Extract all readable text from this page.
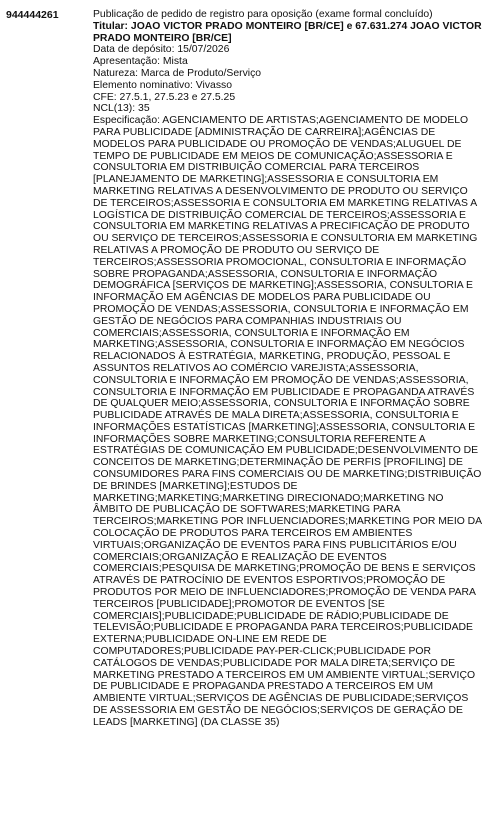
944444261	Publicação de pedido de registro para oposição (exame formal concluído)
Titular: JOAO VICTOR PRADO MONTEIRO [BR/CE] e 67.631.274 JOAO VICTOR PRADO MONTEIRO [BR/CE]
Data de depósito: 15/07/2026
Apresentação: Mista
Natureza: Marca de Produto/Serviço
Elemento nominativo: Vivasso
CFE: 27.5.1, 27.5.23 e 27.5.25
NCL(13): 35
Especificação: AGENCIAMENTO DE ARTISTAS;AGENCIAMENTO DE MODELO PARA PUBLICIDADE [ADMINISTRAÇÃO DE CARREIRA];AGÊNCIAS DE MODELOS PARA PUBLICIDADE OU PROMOÇÃO DE VENDAS;ALUGUEL DE TEMPO DE PUBLICIDADE EM MEIOS DE COMUNICAÇÃO;ASSESSORIA E CONSULTORIA EM DISTRIBUIÇÃO COMERCIAL PARA TERCEIROS [PLANEJAMENTO DE MARKETING];ASSESSORIA E CONSULTORIA EM MARKETING RELATIVAS A DESENVOLVIMENTO DE PRODUTO OU SERVIÇO DE TERCEIROS;ASSESSORIA E CONSULTORIA EM MARKETING RELATIVAS A LOGÍSTICA DE DISTRIBUIÇÃO COMERCIAL DE TERCEIROS;ASSESSORIA E CONSULTORIA EM MARKETING RELATIVAS A PRECIFICAÇÃO DE PRODUTO OU SERVIÇO DE TERCEIROS;ASSESSORIA E CONSULTORIA EM MARKETING RELATIVAS A PROMOÇÃO DE PRODUTO OU SERVIÇO DE TERCEIROS;ASSESSORIA PROMOCIONAL, CONSULTORIA E INFORMAÇÃO SOBRE PROPAGANDA;ASSESSORIA, CONSULTORIA E INFORMAÇÃO DEMOGRÁFICA [SERVIÇOS DE MARKETING];ASSESSORIA, CONSULTORIA E INFORMAÇÃO EM AGÊNCIAS DE MODELOS PARA PUBLICIDADE OU PROMOÇÃO DE VENDAS;ASSESSORIA, CONSULTORIA E INFORMAÇÃO EM GESTÃO DE NEGÓCIOS PARA COMPANHIAS INDUSTRIAIS OU COMERCIAIS;ASSESSORIA, CONSULTORIA E INFORMAÇÃO EM MARKETING;ASSESSORIA, CONSULTORIA E INFORMAÇÃO EM NEGÓCIOS RELACIONADOS À ESTRATÉGIA, MARKETING, PRODUÇÃO, PESSOAL E ASSUNTOS RELATIVOS AO COMÉRCIO VAREJISTA;ASSESSORIA, CONSULTORIA E INFORMAÇÃO EM PROMOÇÃO DE VENDAS;ASSESSORIA, CONSULTORIA E INFORMAÇÃO EM PUBLICIDADE E PROPAGANDA ATRAVÉS DE QUALQUER MEIO;ASSESSORIA, CONSULTORIA E INFORMAÇÃO SOBRE PUBLICIDADE ATRAVÉS DE MALA DIRETA;ASSESSORIA, CONSULTORIA E INFORMAÇÕES ESTATÍSTICAS [MARKETING];ASSESSORIA, CONSULTORIA E INFORMAÇÕES SOBRE MARKETING;CONSULTORIA REFERENTE A ESTRATÉGIAS DE COMUNICAÇÃO EM PUBLICIDADE;DESENVOLVIMENTO DE CONCEITOS DE MARKETING;DETERMINAÇÃO DE PERFIS [PROFILING] DE CONSUMIDORES PARA FINS COMERCIAIS OU DE MARKETING;DISTRIBUIÇÃO DE BRINDES [MARKETING];ESTUDOS DE MARKETING;MARKETING;MARKETING DIRECIONADO;MARKETING NO ÂMBITO DE PUBLICAÇÃO DE SOFTWARES;MARKETING PARA TERCEIROS;MARKETING POR INFLUENCIADORES;MARKETING POR MEIO DA COLOCAÇÃO DE PRODUTOS PARA TERCEIROS EM AMBIENTES VIRTUAIS;ORGANIZAÇÃO DE EVENTOS PARA FINS PUBLICITÁRIOS E/OU COMERCIAIS;ORGANIZAÇÃO E REALIZAÇÃO DE EVENTOS COMERCIAIS;PESQUISA DE MARKETING;PROMOÇÃO DE BENS E SERVIÇOS ATRAVÉS DE PATROCÍNIO DE EVENTOS ESPORTIVOS;PROMOÇÃO DE PRODUTOS POR MEIO DE INFLUENCIADORES;PROMOÇÃO DE VENDA PARA TERCEIROS [PUBLICIDADE];PROMOTOR DE EVENTOS [SE COMERCIAIS];PUBLICIDADE;PUBLICIDADE DE RÁDIO;PUBLICIDADE DE TELEVISÃO;PUBLICIDADE E PROPAGANDA PARA TERCEIROS;PUBLICIDADE EXTERNA;PUBLICIDADE ON-LINE EM REDE DE COMPUTADORES;PUBLICIDADE PAY-PER-CLICK;PUBLICIDADE POR CATÁLOGOS DE VENDAS;PUBLICIDADE POR MALA DIRETA;SERVIÇO DE MARKETING PRESTADO A TERCEIROS EM UM AMBIENTE VIRTUAL;SERVIÇO DE PUBLICIDADE E PROPAGANDA PRESTADO A TERCEIROS EM UM AMBIENTE VIRTUAL;SERVIÇOS DE AGÊNCIAS DE PUBLICIDADE;SERVIÇOS DE ASSESSORIA EM GESTÃO DE NEGÓCIOS;SERVIÇOS DE GERAÇÃO DE LEADS [MARKETING] (DA CLASSE 35)
